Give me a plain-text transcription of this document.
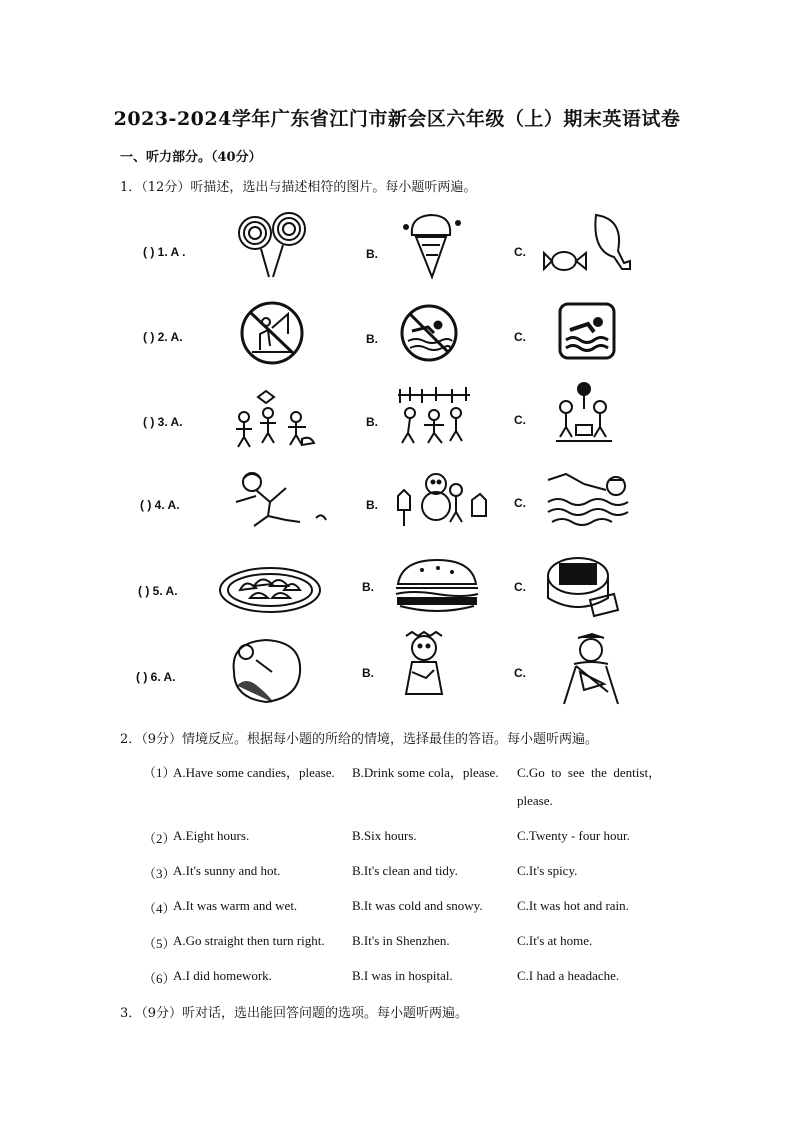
2023-2024学年广东省江门市新会区六年级（上）期末英语试卷
一、听力部分。（40分）
1．（12分）听描述，选出与描述相符的图片。每小题听两遍。
( ) 1. A .	B.	C.
( ) 2. A.	B.	C.
( ) 3. A.	B.	C.
( ) 4. A.	B.	C.
( ) 5. A.	B.	C.
( ) 6. A.	B.	C.
2．（9分）情境反应。根据每小题的所给的情境，选择最佳的答语。每小题听两遍。
（1）
A.Have some candies，please. B.Drink some cola，please. C.Go  to  see  the  dentist，
please.
（2）
A.Eight hours.	B.Six hours.	C.Twenty - four hour.
（3）
A.It's sunny and hot.	B.It's clean and tidy.	C.It's spicy.
（4）
A.It was warm and wet.	B.It was cold and snowy.	C.It was hot and rain.
（5）
A.Go straight then turn right. B.It's in Shenzhen.	C.It's at home.
（6）
A.I did homework.	B.I was in hospital.	C.I had a headache.
3．（9分）听对话，选出能回答问题的选项。每小题听两遍。
